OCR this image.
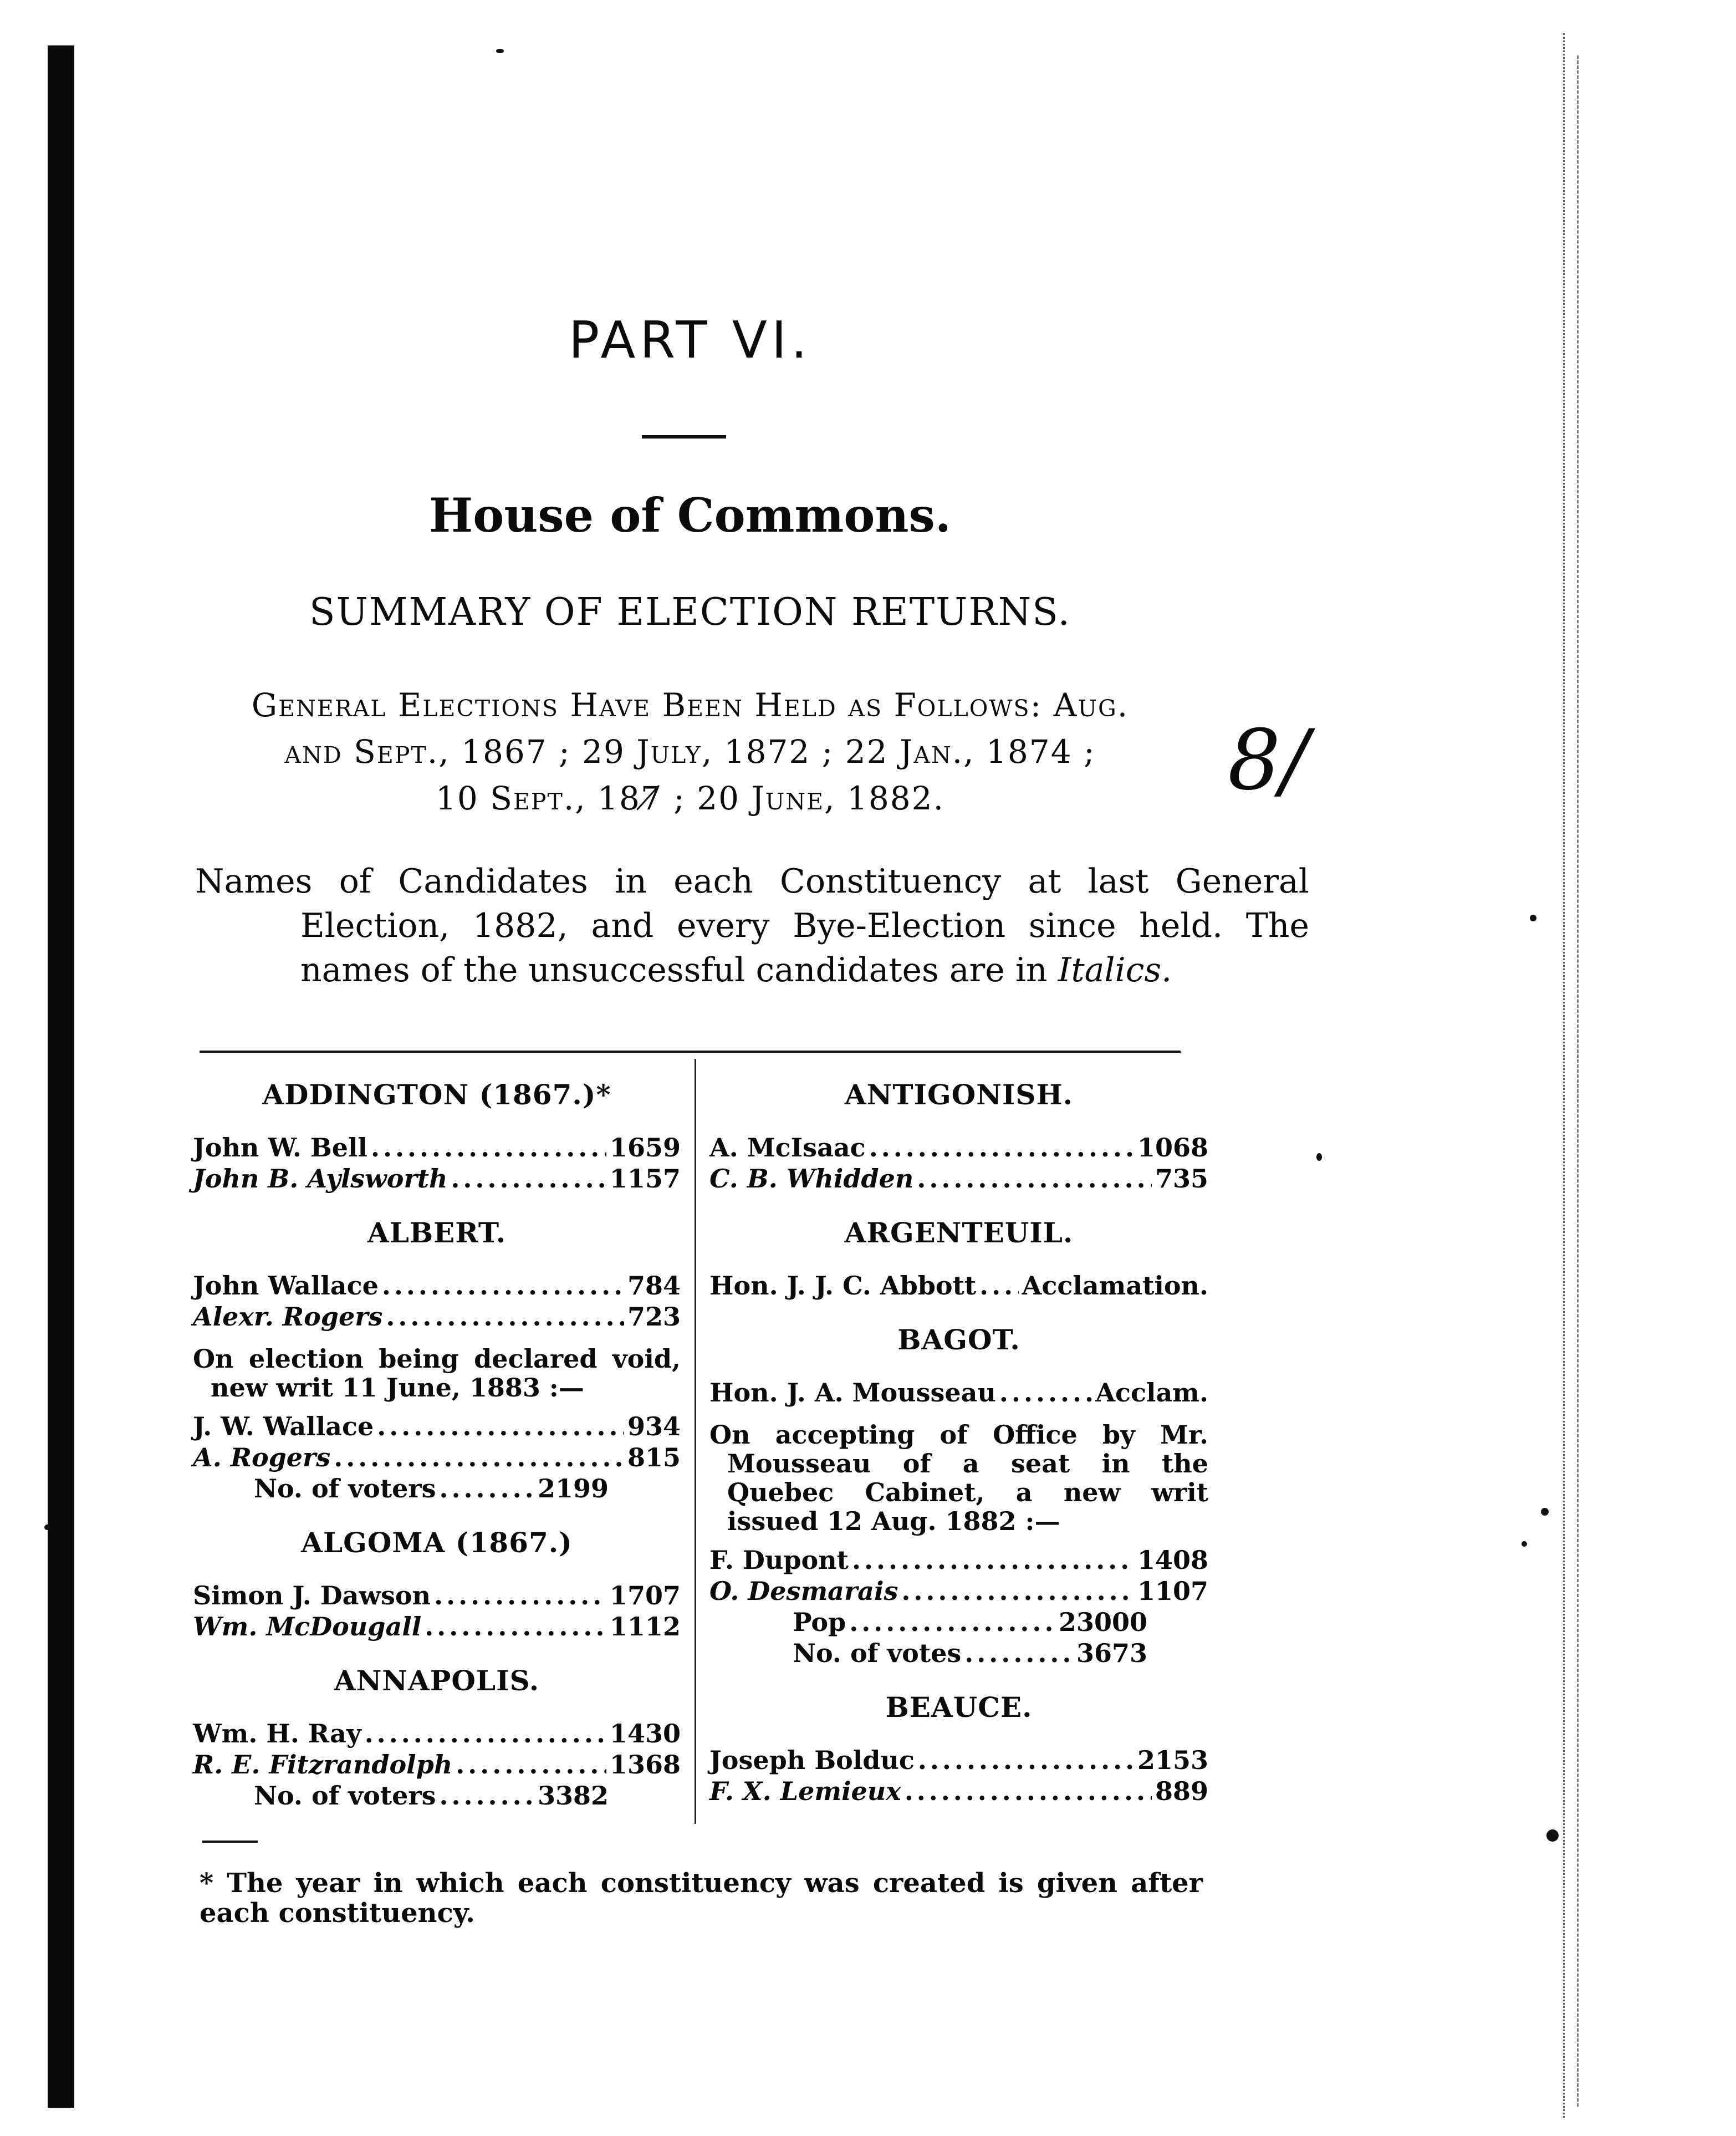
PART VI.
House of Commons.
SUMMARY OF ELECTION RETURNS.
General Elections Have Been Held as Follows: Aug.
and Sept., 1867 ; 29 July, 1872 ; 22 Jan., 1874 ;
10 Sept., 187̸ ; 20 June, 1882.	8/
Names of Candidates in each Constituency at last General Election, 1882, and every Bye-Election since held. The names of the unsuccessful candidates are in Italics.
ADDINGTON (1867.)*
John W. Bell .....	1659
John B. Aylsworth .....	1157
ALBERT.
John Wallace .....	784
Alexr. Rogers .....	723
On election being declared void, new writ 11 June, 1883 :—
J. W. Wallace .....	934
A. Rogers .....	815
No. of voters .....	2199
ALGOMA (1867.)
Simon J. Dawson .....	1707
Wm. McDougall .....	1112
ANNAPOLIS.
Wm. H. Ray .....	1430
R. E. Fitzrandolph .....	1368
No. of voters .....	3382
ANTIGONISH.
A. McIsaac .....	1068
C. B. Whidden .....	735
ARGENTEUIL.
Hon. J. J. C. Abbott ..... Acclamation.
BAGOT.
Hon. J. A. Mousseau .....	Acclam.
On accepting of Office by Mr. Mousseau of a seat in the Quebec Cabinet, a new writ issued 12 Aug. 1882 :—
F. Dupont .....	1408
O. Desmarais .....	1107
Pop .....	23000
No. of votes .....	3673
BEAUCE.
Joseph Bolduc .....	2153
F. X. Lemieux .....	889
* The year in which each constituency was created is given after each constituency.
